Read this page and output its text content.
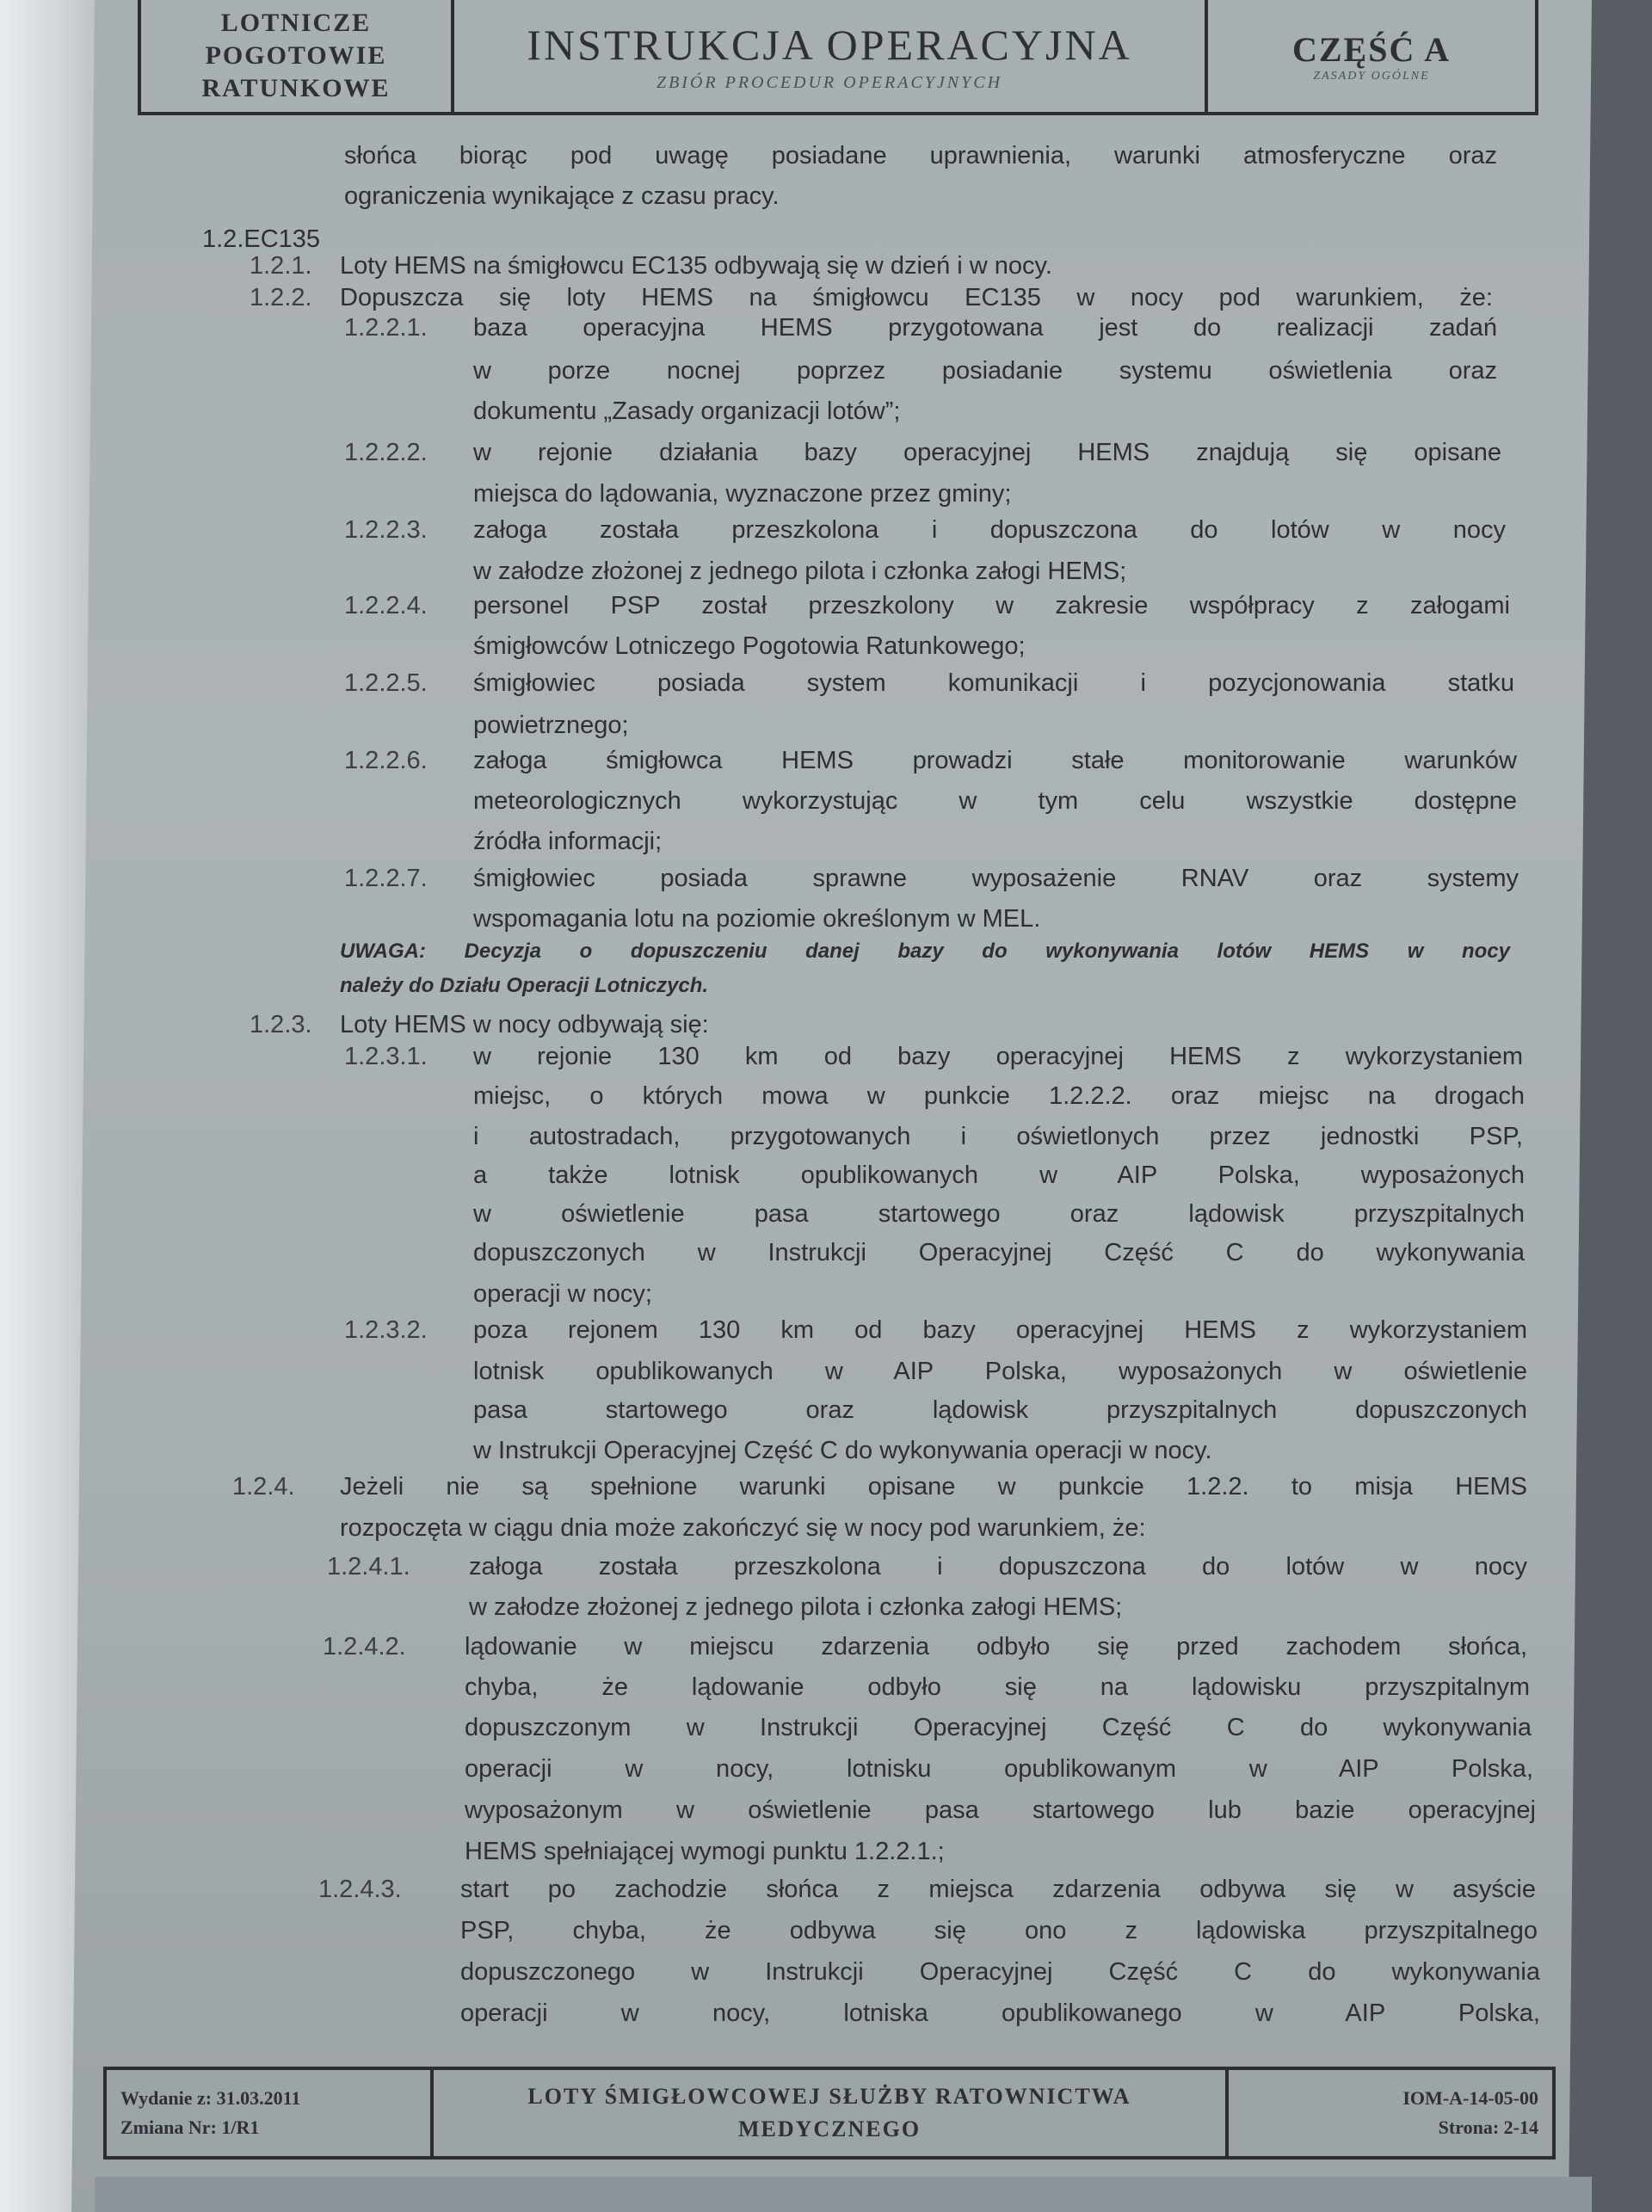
LOTNICZE
POGOTOWIE
RATUNKOWE
INSTRUKCJA OPERACYJNA
ZBIÓR PROCEDUR OPERACYJNYCH
CZĘŚĆ A
ZASADY OGÓLNE
słońca biorąc pod uwagę posiadane uprawnienia, warunki atmosferyczne oraz
ograniczenia wynikające z czasu pracy.
1.2.EC135
1.2.1. Loty HEMS na śmigłowcu EC135 odbywają się w dzień i w nocy.
1.2.2. Dopuszcza się loty HEMS na śmigłowcu EC135 w nocy pod warunkiem, że:
1.2.2.1. baza operacyjna HEMS przygotowana jest do realizacji zadań
w porze nocnej poprzez posiadanie systemu oświetlenia oraz
dokumentu „Zasady organizacji lotów”;
1.2.2.2. w rejonie działania bazy operacyjnej HEMS znajdują się opisane
miejsca do lądowania, wyznaczone przez gminy;
1.2.2.3. załoga została przeszkolona i dopuszczona do lotów w nocy
w załodze złożonej z jednego pilota i członka załogi HEMS;
1.2.2.4. personel PSP został przeszkolony w zakresie współpracy z załogami
śmigłowców Lotniczego Pogotowia Ratunkowego;
1.2.2.5. śmigłowiec posiada system komunikacji i pozycjonowania statku
powietrznego;
1.2.2.6. załoga śmigłowca HEMS prowadzi stałe monitorowanie warunków
meteorologicznych wykorzystując w tym celu wszystkie dostępne
źródła informacji;
1.2.2.7. śmigłowiec posiada sprawne wyposażenie RNAV oraz systemy
wspomagania lotu na poziomie określonym w MEL.
UWAGA: Decyzja o dopuszczeniu danej bazy do wykonywania lotów HEMS w nocy
należy do Działu Operacji Lotniczych.
1.2.3. Loty HEMS w nocy odbywają się:
1.2.3.1. w rejonie 130 km od bazy operacyjnej HEMS z wykorzystaniem
miejsc, o których mowa w punkcie 1.2.2.2. oraz miejsc na drogach
i autostradach, przygotowanych i oświetlonych przez jednostki PSP,
a także lotnisk opublikowanych w AIP Polska, wyposażonych
w oświetlenie pasa startowego oraz lądowisk przyszpitalnych
dopuszczonych w Instrukcji Operacyjnej Część C do wykonywania
operacji w nocy;
1.2.3.2. poza rejonem 130 km od bazy operacyjnej HEMS z wykorzystaniem
lotnisk opublikowanych w AIP Polska, wyposażonych w oświetlenie
pasa startowego oraz lądowisk przyszpitalnych dopuszczonych
w Instrukcji Operacyjnej Część C do wykonywania operacji w nocy.
1.2.4. Jeżeli nie są spełnione warunki opisane w punkcie 1.2.2. to misja HEMS
rozpoczęta w ciągu dnia może zakończyć się w nocy pod warunkiem, że:
1.2.4.1. załoga została przeszkolona i dopuszczona do lotów w nocy
w załodze złożonej z jednego pilota i członka załogi HEMS;
1.2.4.2. lądowanie w miejscu zdarzenia odbyło się przed zachodem słońca,
chyba, że lądowanie odbyło się na lądowisku przyszpitalnym
dopuszczonym w Instrukcji Operacyjnej Część C do wykonywania
operacji w nocy, lotnisku opublikowanym w AIP Polska,
wyposażonym w oświetlenie pasa startowego lub bazie operacyjnej
HEMS spełniającej wymogi punktu 1.2.2.1.;
1.2.4.3. start po zachodzie słońca z miejsca zdarzenia odbywa się w asyście
PSP, chyba, że odbywa się ono z lądowiska przyszpitalnego
dopuszczonego w Instrukcji Operacyjnej Część C do wykonywania
operacji w nocy, lotniska opublikowanego w AIP Polska,
Wydanie z: 31.03.2011
Zmiana Nr: 1/R1
LOTY ŚMIGŁOWCOWEJ SŁUŻBY RATOWNICTWA
MEDYCZNEGO
IOM-A-14-05-00
Strona: 2-14
